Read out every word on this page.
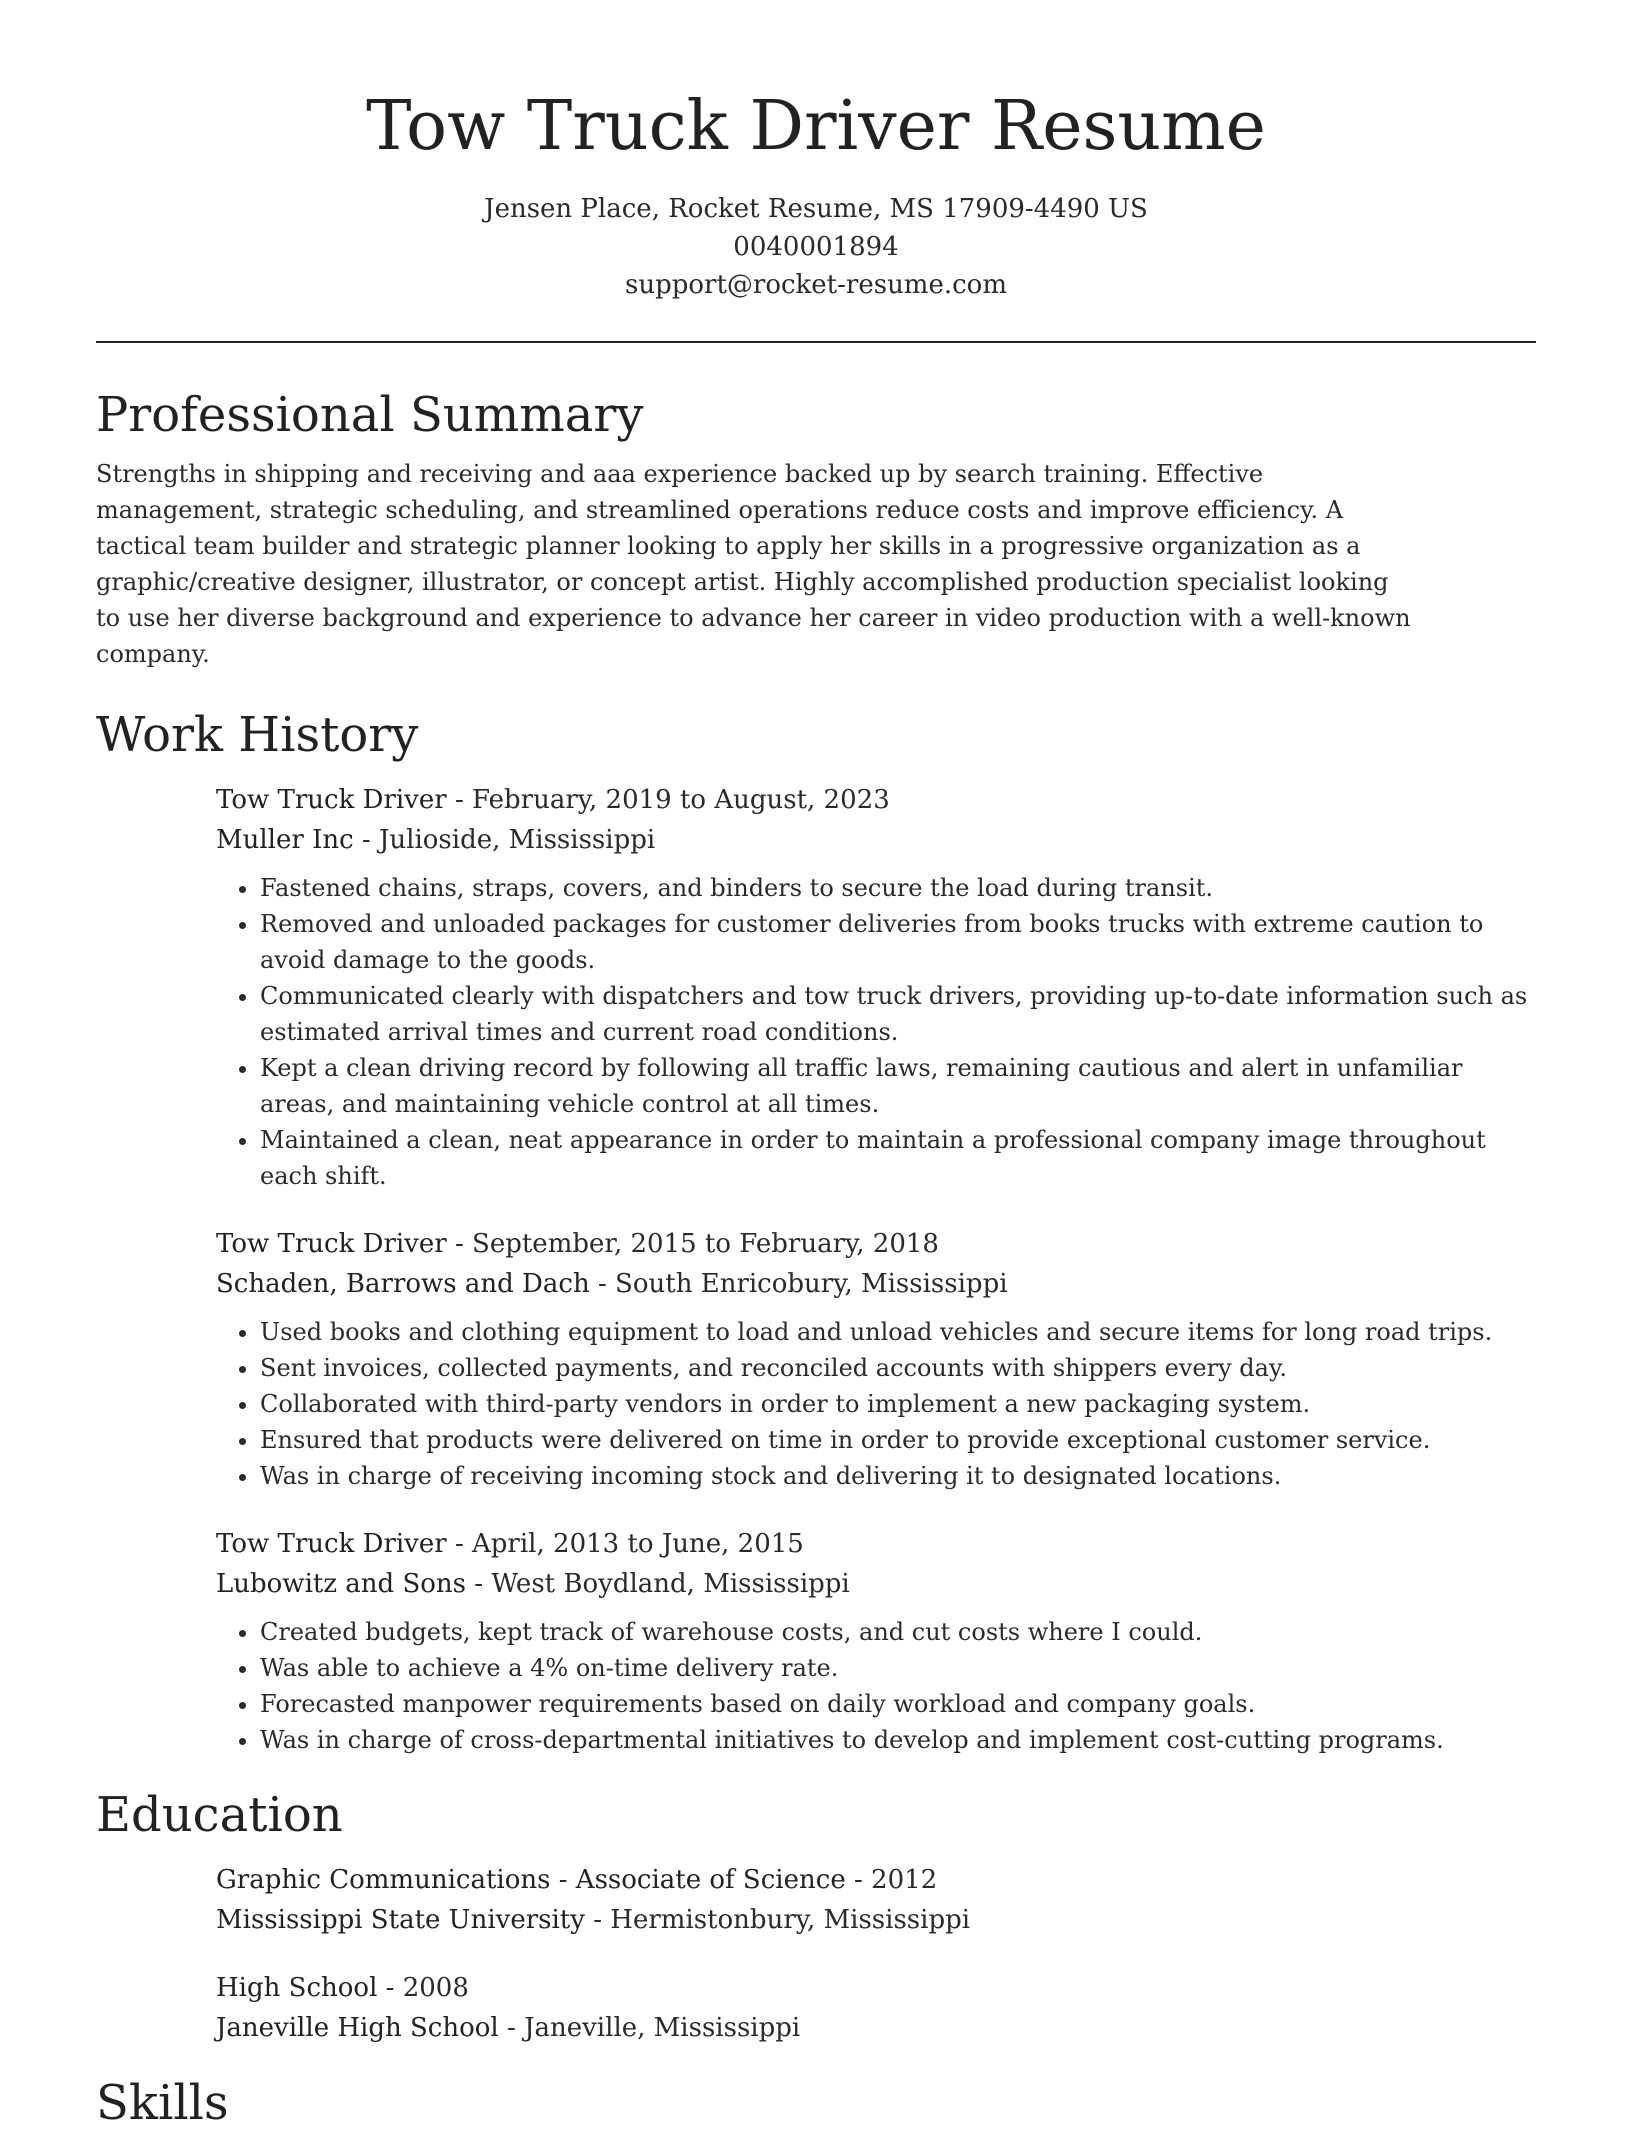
Tow Truck Driver Resume
Jensen Place, Rocket Resume, MS 17909-4490 US
0040001894
support@rocket-resume.com
Professional Summary

Strengths in shipping and receiving and aaa experience backed up by search training. Effective management, strategic scheduling, and streamlined operations reduce costs and improve efficiency. A tactical team builder and strategic planner looking to apply her skills in a progressive organization as a graphic/creative designer, illustrator, or concept artist. Highly accomplished production specialist looking to use her diverse background and experience to advance her career in video production with a well-known company.

Work History
Tow Truck Driver - February, 2019 to August, 2023
Muller Inc - Julioside, Mississippi
• Fastened chains, straps, covers, and binders to secure the load during transit.
• Removed and unloaded packages for customer deliveries from books trucks with extreme caution to avoid damage to the goods.
• Communicated clearly with dispatchers and tow truck drivers, providing up-to-date information such as estimated arrival times and current road conditions.
• Kept a clean driving record by following all traffic laws, remaining cautious and alert in unfamiliar areas, and maintaining vehicle control at all times.
• Maintained a clean, neat appearance in order to maintain a professional company image throughout each shift.
Tow Truck Driver - September, 2015 to February, 2018
Schaden, Barrows and Dach - South Enricobury, Mississippi
• Used books and clothing equipment to load and unload vehicles and secure items for long road trips.
• Sent invoices, collected payments, and reconciled accounts with shippers every day.
• Collaborated with third-party vendors in order to implement a new packaging system.
• Ensured that products were delivered on time in order to provide exceptional customer service.
• Was in charge of receiving incoming stock and delivering it to designated locations.
Tow Truck Driver - April, 2013 to June, 2015
Lubowitz and Sons - West Boydland, Mississippi
• Created budgets, kept track of warehouse costs, and cut costs where I could.
• Was able to achieve a 4% on-time delivery rate.
• Forecasted manpower requirements based on daily workload and company goals.
• Was in charge of cross-departmental initiatives to develop and implement cost-cutting programs.
Education
Graphic Communications - Associate of Science - 2012
Mississippi State University - Hermistonbury, Mississippi
High School - 2008
Janeville High School - Janeville, Mississippi
Skills
